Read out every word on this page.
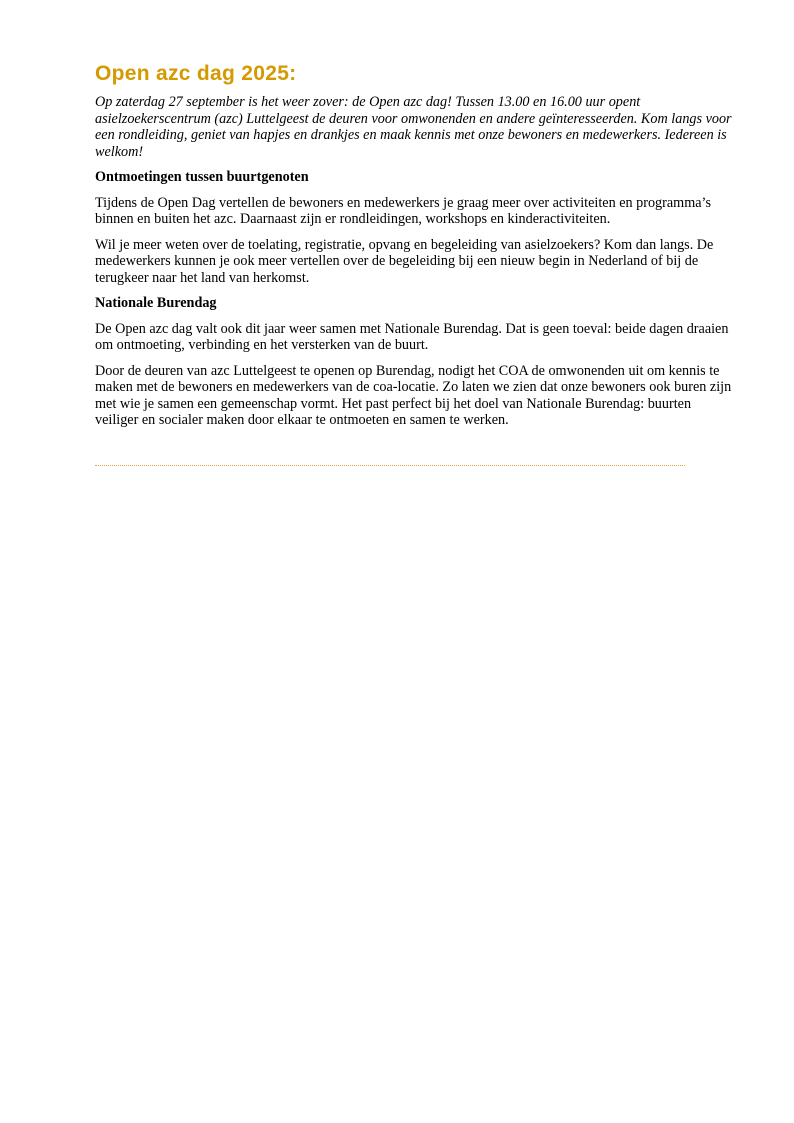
Open azc dag 2025:

Op zaterdag 27 september is het weer zover: de Open azc dag! Tussen 13.00 en 16.00 uur opent asielzoekerscentrum (azc) Luttelgeest de deuren voor omwonenden en andere geïnteresseerden. Kom langs voor een rondleiding, geniet van hapjes en drankjes en maak kennis met onze bewoners en medewerkers. Iedereen is welkom!

Ontmoetingen tussen buurtgenoten

Tijdens de Open Dag vertellen de bewoners en medewerkers je graag meer over activiteiten en programma’s binnen en buiten het azc. Daarnaast zijn er rondleidingen, workshops en kinderactiviteiten.

Wil je meer weten over de toelating, registratie, opvang en begeleiding van asielzoekers? Kom dan langs. De medewerkers kunnen je ook meer vertellen over de begeleiding bij een nieuw begin in Nederland of bij de terugkeer naar het land van herkomst.

Nationale Burendag

De Open azc dag valt ook dit jaar weer samen met Nationale Burendag. Dat is geen toeval: beide dagen draaien om ontmoeting, verbinding en het versterken van de buurt.

Door de deuren van azc Luttelgeest te openen op Burendag, nodigt het COA de omwonenden uit om kennis te maken met de bewoners en medewerkers van de coa-locatie. Zo laten we zien dat onze bewoners ook buren zijn met wie je samen een gemeenschap vormt. Het past perfect bij het doel van Nationale Burendag: buurten veiliger en socialer maken door elkaar te ontmoeten en samen te werken.
